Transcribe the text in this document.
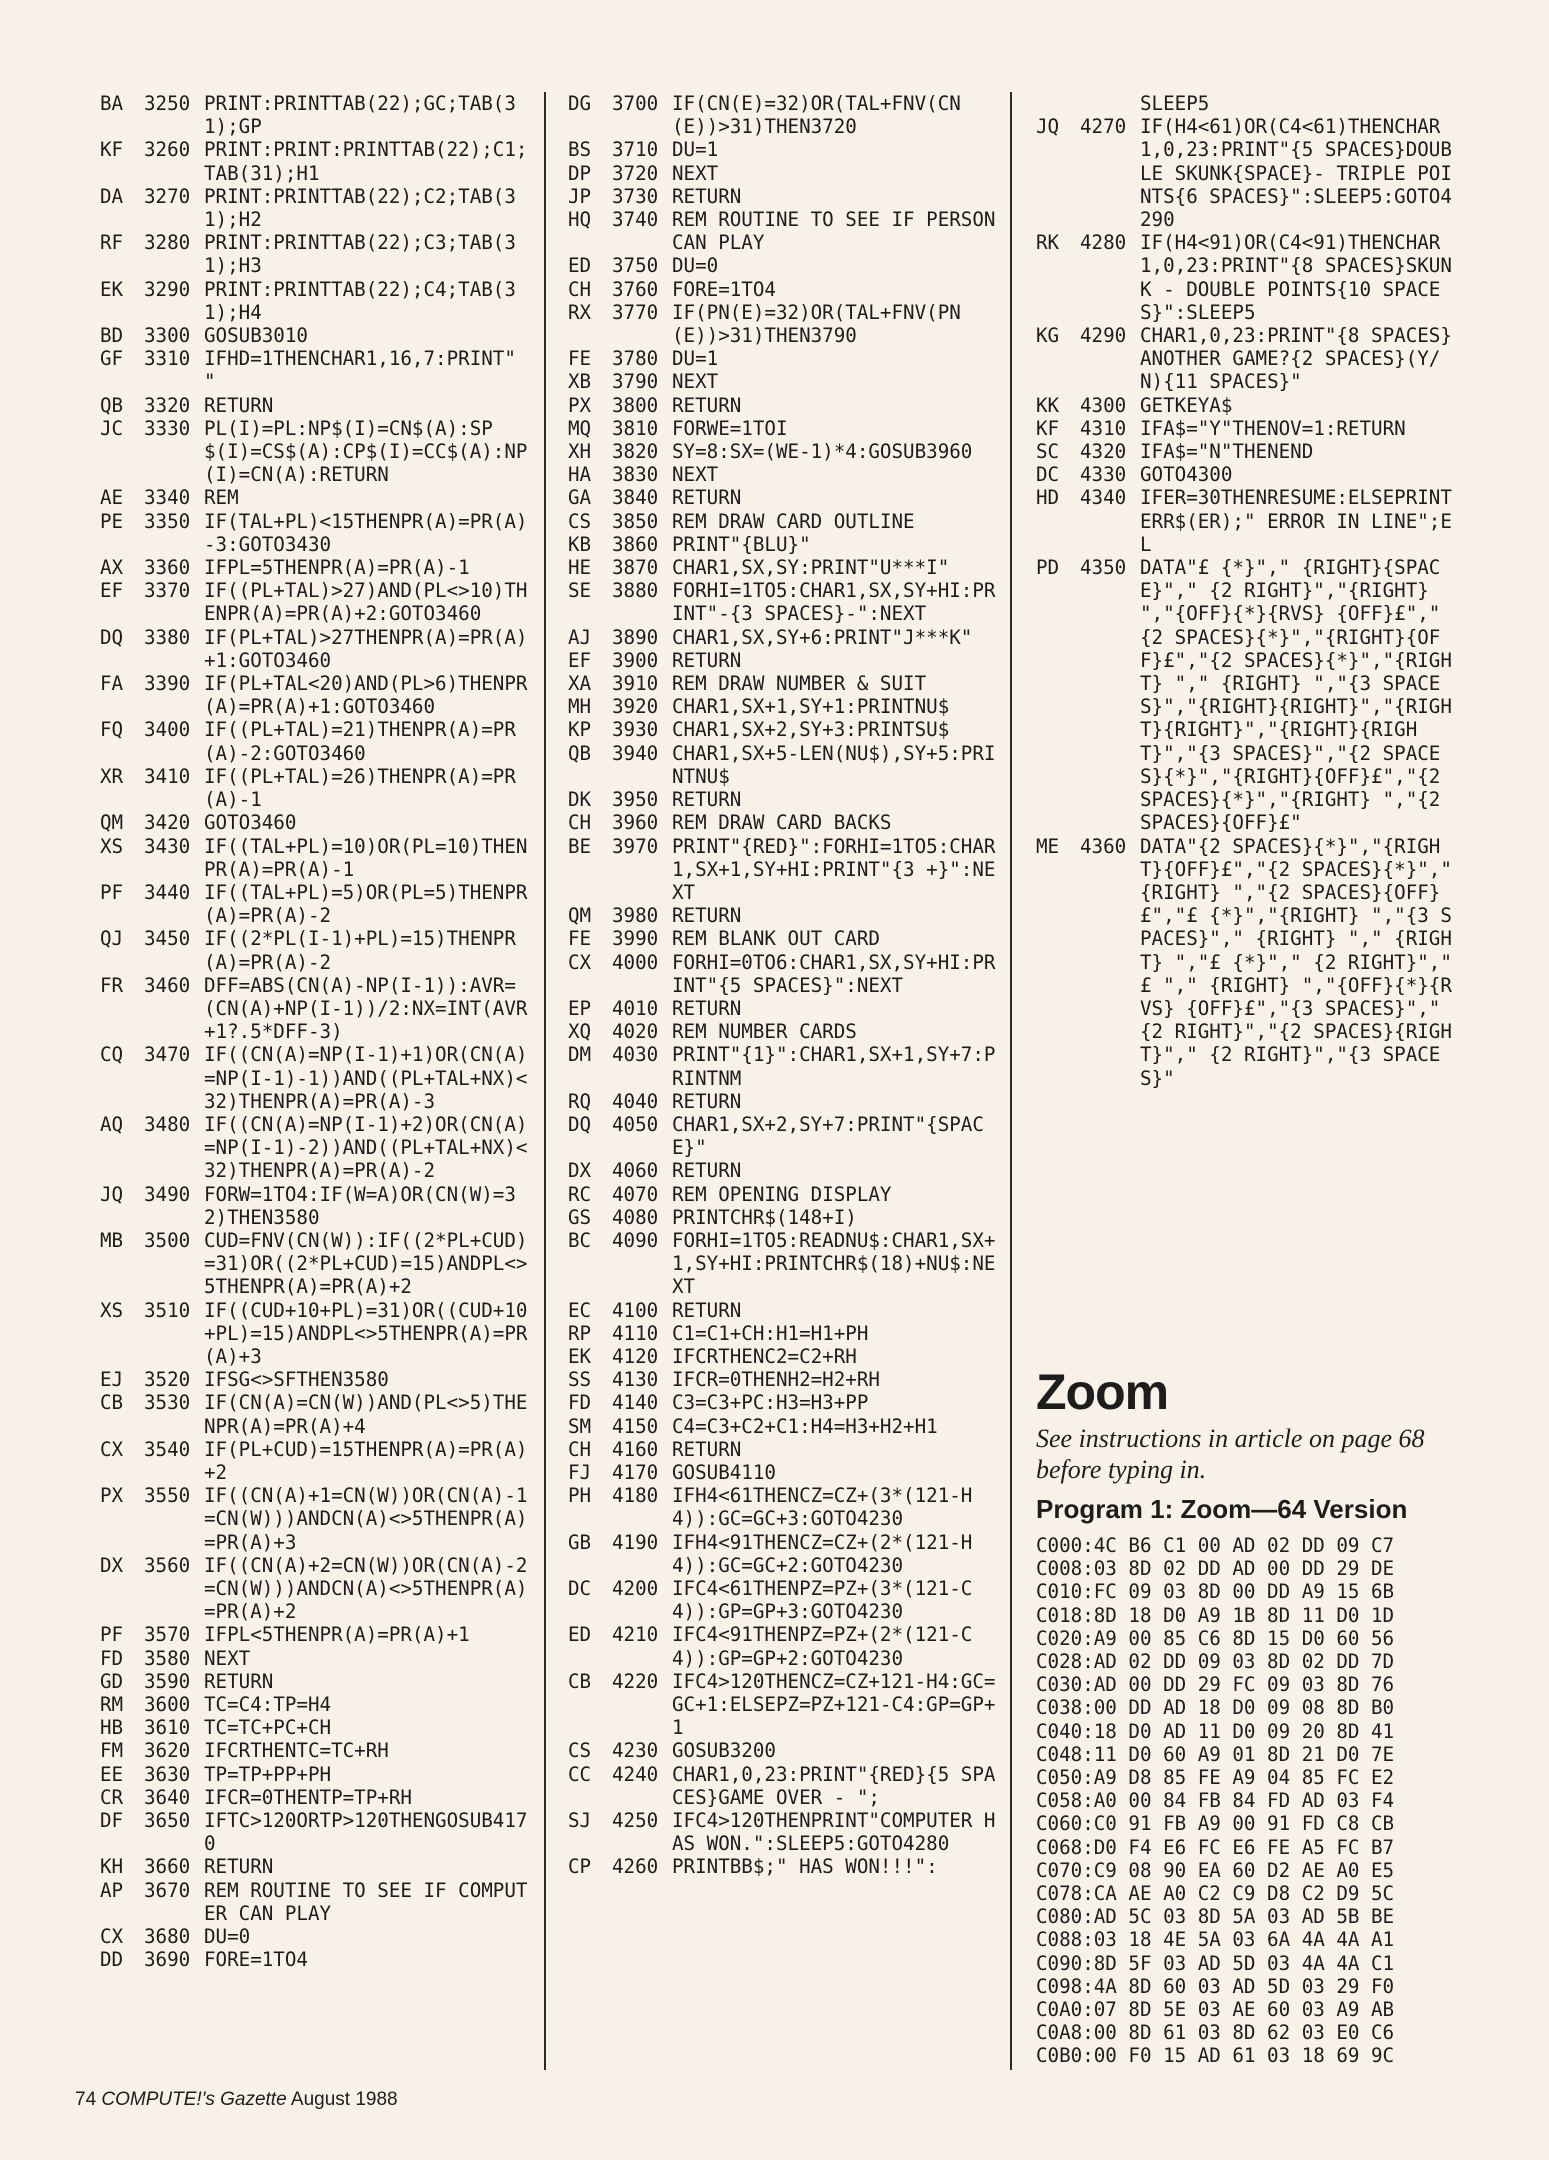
BA	3250 PRINT:PRINTTAB(22);GC;TAB(31);GP
KF	3260 PRINT:PRINT:PRINTTAB(22);C1;TAB(31);H1
DA	3270 PRINT:PRINTTAB(22);C2;TAB(31);H2
RF	3280 PRINT:PRINTTAB(22);C3;TAB(31);H3
EK	3290 PRINT:PRINTTAB(22);C4;TAB(31);H4
BD	3300 GOSUB3010
GF	3310 IFHD=1THENCHAR1,16,7:PRINT" "
QB	3320 RETURN
JC	3330 PL(I)=PL:NP$(I)=CN$(A):SP$(I)=CS$(A):CP$(I)=CC$(A):NP(I)=CN(A):RETURN
AE	3340 REM
PE	3350 IF(TAL+PL)<15THENPR(A)=PR(A)-3:GOTO3430
AX	3360 IFPL=5THENPR(A)=PR(A)-1
EF	3370 IF((PL+TAL)>27)AND(PL<>10)THENPR(A)=PR(A)+2:GOTO3460
DQ	3380 IF(PL+TAL)>27THENPR(A)=PR(A)+1:GOTO3460
FA	3390 IF(PL+TAL<20)AND(PL>6)THENPR(A)=PR(A)+1:GOTO3460
FQ	3400 IF((PL+TAL)=21)THENPR(A)=PR(A)-2:GOTO3460
XR	3410 IF((PL+TAL)=26)THENPR(A)=PR(A)-1
QM	3420 GOTO3460
XS	3430 IF((TAL+PL)=10)OR(PL=10)THENPR(A)=PR(A)-1
PF	3440 IF((TAL+PL)=5)OR(PL=5)THENPR(A)=PR(A)-2
QJ	3450 IF((2*PL(I-1)+PL)=15)THENPR(A)=PR(A)-2
FR	3460 DFF=ABS(CN(A)-NP(I-1)):AVR=(CN(A)+NP(I-1))/2:NX=INT(AVR+1?.5*DFF-3)
CQ	3470 IF((CN(A)=NP(I-1)+1)OR(CN(A)=NP(I-1)-1))AND((PL+TAL+NX)<32)THENPR(A)=PR(A)-3
AQ	3480 IF((CN(A)=NP(I-1)+2)OR(CN(A)=NP(I-1)-2))AND((PL+TAL+NX)<32)THENPR(A)=PR(A)-2
JQ	3490 FORW=1TO4:IF(W=A)OR(CN(W)=32)THEN3580
MB	3500 CUD=FNV(CN(W)):IF((2*PL+CUD)=31)OR((2*PL+CUD)=15)ANDPL<>5THENPR(A)=PR(A)+2
XS	3510 IF((CUD+10+PL)=31)OR((CUD+10+PL)=15)ANDPL<>5THENPR(A)=PR(A)+3
EJ	3520 IFSG<>SFTHEN3580
CB	3530 IF(CN(A)=CN(W))AND(PL<>5)THENPR(A)=PR(A)+4
CX	3540 IF(PL+CUD)=15THENPR(A)=PR(A)+2
PX	3550 IF((CN(A)+1=CN(W))OR(CN(A)-1=CN(W)))ANDCN(A)<>5THENPR(A)=PR(A)+3
DX	3560 IF((CN(A)+2=CN(W))OR(CN(A)-2=CN(W)))ANDCN(A)<>5THENPR(A)=PR(A)+2
PF	3570 IFPL<5THENPR(A)=PR(A)+1
FD	3580 NEXT
GD	3590 RETURN
RM	3600 TC=C4:TP=H4
HB	3610 TC=TC+PC+CH
FM	3620 IFCRTHENTC=TC+RH
EE	3630 TP=TP+PP+PH
CR	3640 IFCR=0THENTP=TP+RH
DF	3650 IFTC>120ORTP>120THENGOSUB4170
KH	3660 RETURN
AP	3670 REM ROUTINE TO SEE IF COMPUTER CAN PLAY
CX	3680 DU=0
DD	3690 FORE=1TO4
DG	3700 IF(CN(E)=32)OR(TAL+FNV(CN(E))>31)THEN3720
BS	3710 DU=1
DP	3720 NEXT
JP	3730 RETURN
HQ	3740 REM ROUTINE TO SEE IF PERSON CAN PLAY
ED	3750 DU=0
CH	3760 FORE=1TO4
RX	3770 IF(PN(E)=32)OR(TAL+FNV(PN(E))>31)THEN3790
FE	3780 DU=1
XB	3790 NEXT
PX	3800 RETURN
MQ	3810 FORWE=1TOI
XH	3820 SY=8:SX=(WE-1)*4:GOSUB3960
HA	3830 NEXT
GA	3840 RETURN
CS	3850 REM DRAW CARD OUTLINE
KB	3860 PRINT"{BLU}"
HE	3870 CHAR1,SX,SY:PRINT"U***I"
SE	3880 FORHI=1TO5:CHAR1,SX,SY+HI:PRINT"-{3 SPACES}-":NEXT
AJ	3890 CHAR1,SX,SY+6:PRINT"J***K"
EF	3900 RETURN
XA	3910 REM DRAW NUMBER & SUIT
MH	3920 CHAR1,SX+1,SY+1:PRINTNU$
KP	3930 CHAR1,SX+2,SY+3:PRINTSU$
QB	3940 CHAR1,SX+5-LEN(NU$),SY+5:PRINTNU$
DK	3950 RETURN
CH	3960 REM DRAW CARD BACKS
BE	3970 PRINT"{RED}":FORHI=1TO5:CHAR1,SX+1,SY+HI:PRINT"{3 +}":NEXT
QM	3980 RETURN
FE	3990 REM BLANK OUT CARD
CX	4000 FORHI=0TO6:CHAR1,SX,SY+HI:PRINT"{5 SPACES}":NEXT
EP	4010 RETURN
XQ	4020 REM NUMBER CARDS
DM	4030 PRINT"{1}":CHAR1,SX+1,SY+7:PRINTNM
RQ	4040 RETURN
DQ	4050 CHAR1,SX+2,SY+7:PRINT"{SPACE}"
DX	4060 RETURN
RC	4070 REM OPENING DISPLAY
GS	4080 PRINTCHR$(148+I)
BC	4090 FORHI=1TO5:READNU$:CHAR1,SX+1,SY+HI:PRINTCHR$(18)+NU$:NEXT
EC	4100 RETURN
RP	4110 C1=C1+CH:H1=H1+PH
EK	4120 IFCRTHENC2=C2+RH
SS	4130 IFCR=0THENH2=H2+RH
FD	4140 C3=C3+PC:H3=H3+PP
SM	4150 C4=C3+C2+C1:H4=H3+H2+H1
CH	4160 RETURN
FJ	4170 GOSUB4110
PH	4180 IFH4<61THENCZ=CZ+(3*(121-H4)):GC=GC+3:GOTO4230
GB	4190 IFH4<91THENCZ=CZ+(2*(121-H4)):GC=GC+2:GOTO4230
DC	4200 IFC4<61THENPZ=PZ+(3*(121-C4)):GP=GP+3:GOTO4230
ED	4210 IFC4<91THENPZ=PZ+(2*(121-C4)):GP=GP+2:GOTO4230
CB	4220 IFC4>120THENCZ=CZ+121-H4:GC=GC+1:ELSEPZ=PZ+121-C4:GP=GP+1
CS	4230 GOSUB3200
CC	4240 CHAR1,0,23:PRINT"{RED}{5 SPACES}GAME OVER - ";
SJ	4250 IFC4>120THENPRINT"COMPUTER HAS WON.":SLEEP5:GOTO4280
CP	4260 PRINTBB$;" HAS WON!!!":
SLEEP5
JQ	4270 IF(H4<61)OR(C4<61)THENCHAR1,0,23:PRINT"{5 SPACES}DOUBLE SKUNK{SPACE}- TRIPLE POINTS{6 SPACES}":SLEEP5:GOTO4290
RK	4280 IF(H4<91)OR(C4<91)THENCHAR1,0,23:PRINT"{8 SPACES}SKUNK - DOUBLE POINTS{10 SPACES}":SLEEP5
KG	4290 CHAR1,0,23:PRINT"{8 SPACES}ANOTHER GAME?{2 SPACES}(Y/N){11 SPACES}"
KK	4300 GETKEYA$
KF	4310 IFA$="Y"THENOV=1:RETURN
SC	4320 IFA$="N"THENEND
DC	4330 GOTO4300
HD	4340 IFER=30THENRESUME:ELSEPRINTERR$(ER);" ERROR IN LINE";EL
PD	4350 DATA"£ {*}"," {RIGHT}{SPACE}"," {2 RIGHT}","{RIGHT} ","{OFF}{*}{RVS} {OFF}£","{2 SPACES}{*}","{RIGHT}{OFF}£","{2 SPACES}{*}","{RIGHT} "," {RIGHT} ","{3 SPACES}","{RIGHT}{RIGHT}","{RIGHT}{RIGHT}","{RIGHT}{RIGHT}","{3 SPACES}","{2 SPACES}{*}","{RIGHT}{OFF}£","{2 SPACES}{*}","{RIGHT} ","{2 SPACES}{OFF}£"
ME	4360 DATA"{2 SPACES}{*}","{RIGHT}{OFF}£","{2 SPACES}{*}","{RIGHT} ","{2 SPACES}{OFF}£","£ {*}","{RIGHT} ","{3 SPACES}"," {RIGHT} "," {RIGHT} ","£ {*}"," {2 RIGHT}"," £ "," {RIGHT} ","{OFF}{*}{RVS} {OFF}£","{3 SPACES}","{2 RIGHT}","{2 SPACES}{RIGHT}"," {2 RIGHT}","{3 SPACES}"
Zoom
See instructions in article on page 68 before typing in.
Program 1: Zoom—64 Version
C000:4C B6 C1 00 AD 02 DD 09 C7
C008:03 8D 02 DD AD 00 DD 29 DE
C010:FC 09 03 8D 00 DD A9 15 6B
C018:8D 18 D0 A9 1B 8D 11 D0 1D
C020:A9 00 85 C6 8D 15 D0 60 56
C028:AD 02 DD 09 03 8D 02 DD 7D
C030:AD 00 DD 29 FC 09 03 8D 76
C038:00 DD AD 18 D0 09 08 8D B0
C040:18 D0 AD 11 D0 09 20 8D 41
C048:11 D0 60 A9 01 8D 21 D0 7E
C050:A9 D8 85 FE A9 04 85 FC E2
C058:A0 00 84 FB 84 FD AD 03 F4
C060:C0 91 FB A9 00 91 FD C8 CB
C068:D0 F4 E6 FC E6 FE A5 FC B7
C070:C9 08 90 EA 60 D2 AE A0 E5
C078:CA AE A0 C2 C9 D8 C2 D9 5C
C080:AD 5C 03 8D 5A 03 AD 5B BE
C088:03 18 4E 5A 03 6A 4A 4A A1
C090:8D 5F 03 AD 5D 03 4A 4A C1
C098:4A 8D 60 03 AD 5D 03 29 F0
C0A0:07 8D 5E 03 AE 60 03 A9 AB
C0A8:00 8D 61 03 8D 62 03 E0 C6
C0B0:00 F0 15 AD 61 03 18 69 9C
74 COMPUTE!'s Gazette August 1988
